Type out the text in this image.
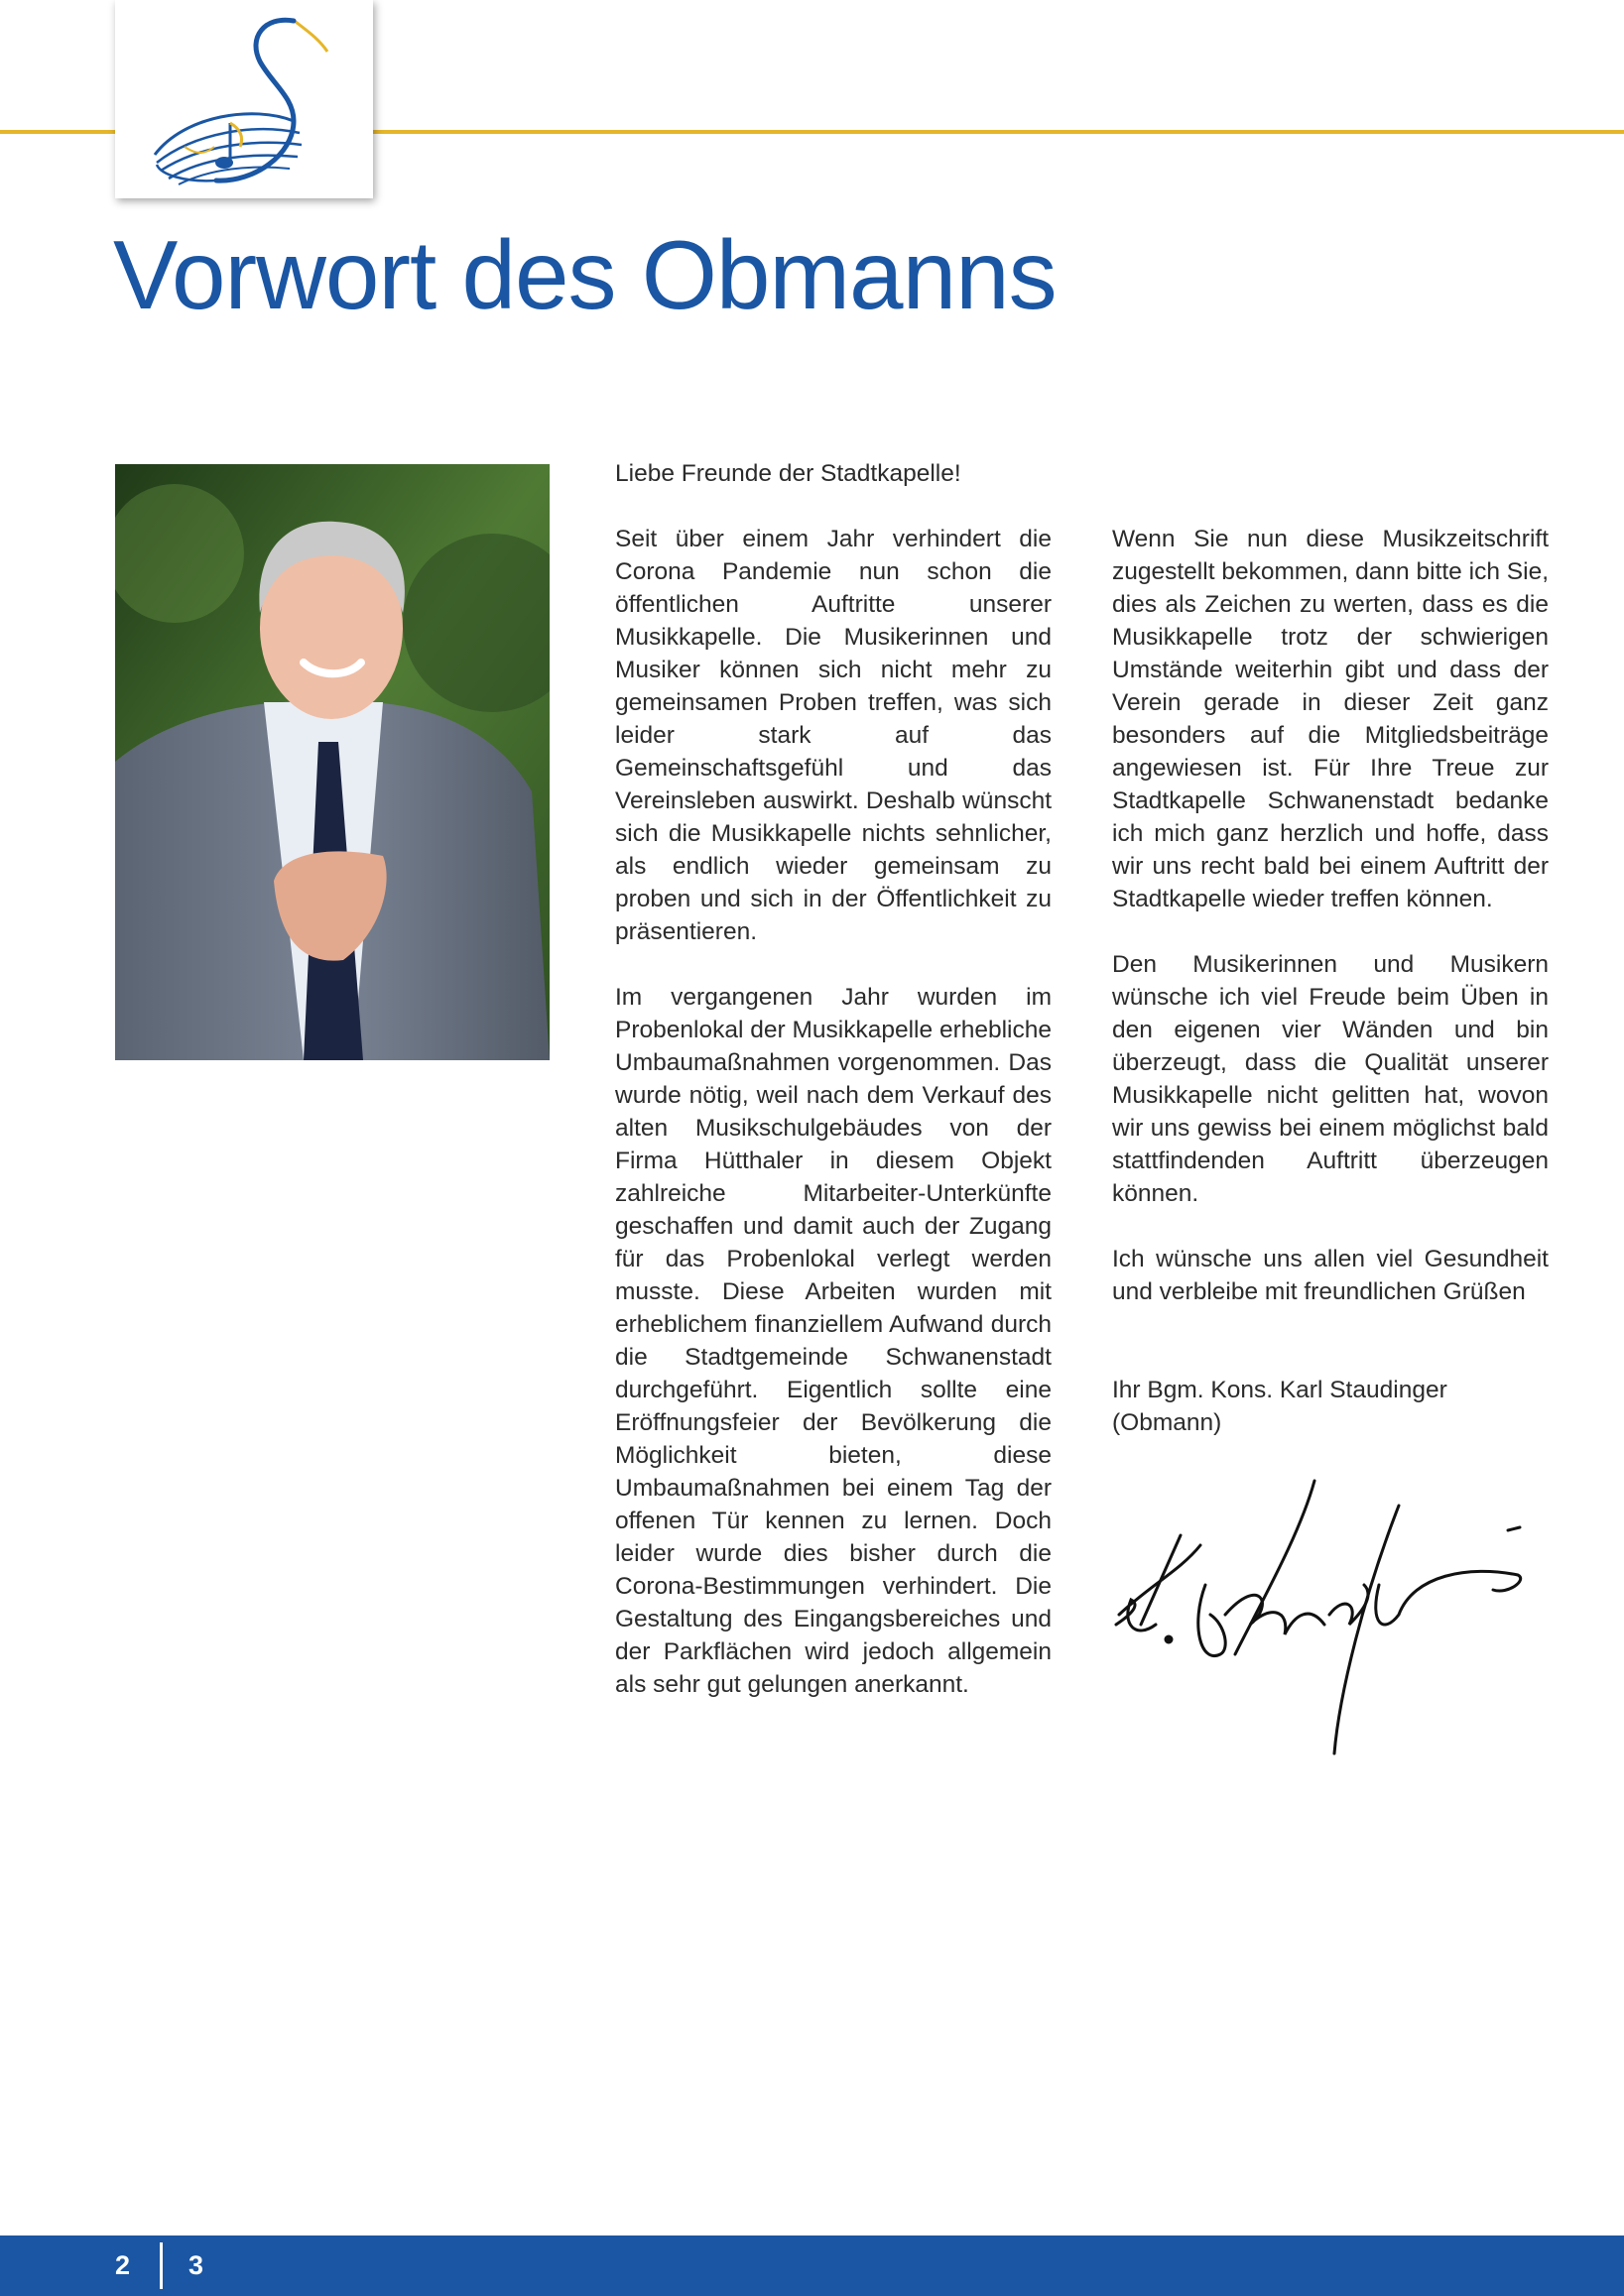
Vorwort des Obmanns

Liebe Freunde der Stadtkapelle!

Seit über einem Jahr verhindert die Corona Pandemie nun schon die öffentlichen Auftritte unserer Musikkapelle. Die Musikerinnen und Musiker können sich nicht mehr zu gemeinsamen Proben treffen, was sich leider stark auf das Gemeinschaftsgefühl und das Vereinsleben auswirkt. Deshalb wünscht sich die Musikkapelle nichts sehnlicher, als endlich wieder gemeinsam zu proben und sich in der Öffentlichkeit zu präsentieren.

Im vergangenen Jahr wurden im Probenlokal der Musikkapelle erhebliche Umbaumaßnahmen vorgenommen. Das wurde nötig, weil nach dem Verkauf des alten Musikschulgebäudes von der Firma Hütthaler in diesem Objekt zahlreiche Mitarbeiter-Unterkünfte geschaffen und damit auch der Zugang für das Probenlokal verlegt werden musste. Diese Arbeiten wurden mit erheblichem finanziellem Aufwand durch die Stadtgemeinde Schwanenstadt durchgeführt. Eigentlich sollte eine Eröffnungsfeier der Bevölkerung die Möglichkeit bieten, diese Umbaumaßnahmen bei einem Tag der offenen Tür kennen zu lernen. Doch leider wurde dies bisher durch die Corona-Bestimmungen verhindert. Die Gestaltung des Eingangsbereiches und der Parkflächen wird jedoch allgemein als sehr gut gelungen anerkannt.

Wenn Sie nun diese Musikzeitschrift zugestellt bekommen, dann bitte ich Sie, dies als Zeichen zu werten, dass es die Musikkapelle trotz der schwierigen Umstände weiterhin gibt und dass der Verein gerade in dieser Zeit ganz besonders auf die Mitgliedsbeiträge angewiesen ist. Für Ihre Treue zur Stadtkapelle Schwanenstadt bedanke ich mich ganz herzlich und hoffe, dass wir uns recht bald bei einem Auftritt der Stadtkapelle wieder treffen können.

Den Musikerinnen und Musikern wünsche ich viel Freude beim Üben in den eigenen vier Wänden und bin überzeugt, dass die Qualität unserer Musikkapelle nicht gelitten hat, wovon wir uns gewiss bei einem möglichst bald stattfindenden Auftritt überzeugen können.

Ich wünsche uns allen viel Gesundheit und verbleibe mit freundlichen Grüßen

Ihr Bgm. Kons. Karl Staudinger
(Obmann)

2 3
